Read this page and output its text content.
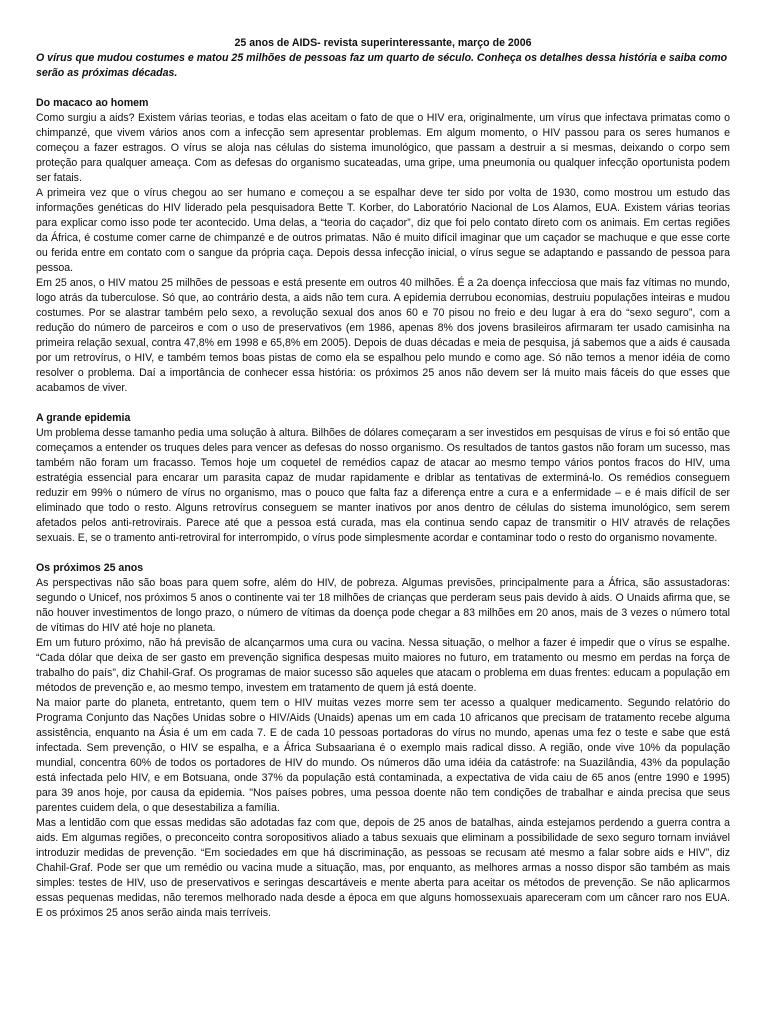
25 anos de AIDS- revista superinteressante, março de 2006

O vírus que mudou costumes e matou 25 milhões de pessoas faz um quarto de século. Conheça os detalhes dessa história e saiba como serão as próximas décadas.

Do macaco ao homem

Como surgiu a aids? Existem várias teorias, e todas elas aceitam o fato de que o HIV era, originalmente, um vírus que infectava primatas como o chimpanzé, que vivem vários anos com a infecção sem apresentar problemas. Em algum momento, o HIV passou para os seres humanos e começou a fazer estragos. O vírus se aloja nas células do sistema imunológico, que passam a destruir a si mesmas, deixando o corpo sem proteção para qualquer ameaça. Com as defesas do organismo sucateadas, uma gripe, uma pneumonia ou qualquer infecção oportunista podem ser fatais.

A primeira vez que o vírus chegou ao ser humano e começou a se espalhar deve ter sido por volta de 1930, como mostrou um estudo das informações genéticas do HIV liderado pela pesquisadora Bette T. Korber, do Laboratório Nacional de Los Alamos, EUA. Existem várias teorias para explicar como isso pode ter acontecido. Uma delas, a “teoria do caçador”, diz que foi pelo contato direto com os animais. Em certas regiões da África, é costume comer carne de chimpanzé e de outros primatas. Não é muito difícil imaginar que um caçador se machuque e que esse corte ou ferida entre em contato com o sangue da própria caça. Depois dessa infecção inicial, o vírus segue se adaptando e passando de pessoa para pessoa.

Em 25 anos, o HIV matou 25 milhões de pessoas e está presente em outros 40 milhões. É a 2a doença infecciosa que mais faz vítimas no mundo, logo atrás da tuberculose. Só que, ao contrário desta, a aids não tem cura. A epidemia derrubou economias, destruiu populações inteiras e mudou costumes. Por se alastrar também pelo sexo, a revolução sexual dos anos 60 e 70 pisou no freio e deu lugar à era do “sexo seguro”, com a redução do número de parceiros e com o uso de preservativos (em 1986, apenas 8% dos jovens brasileiros afirmaram ter usado camisinha na primeira relação sexual, contra 47,8% em 1998 e 65,8% em 2005). Depois de duas décadas e meia de pesquisa, já sabemos que a aids é causada por um retrovírus, o HIV, e também temos boas pistas de como ela se espalhou pelo mundo e como age. Só não temos a menor idéia de como resolver o problema. Daí a importância de conhecer essa história: os próximos 25 anos não devem ser lá muito mais fáceis do que esses que acabamos de viver.

A grande epidemia

Um problema desse tamanho pedia uma solução à altura. Bilhões de dólares começaram a ser investidos em pesquisas de vírus e foi só então que começamos a entender os truques deles para vencer as defesas do nosso organismo. Os resultados de tantos gastos não foram um sucesso, mas também não foram um fracasso. Temos hoje um coquetel de remédios capaz de atacar ao mesmo tempo vários pontos fracos do HIV, uma estratégia essencial para encarar um parasita capaz de mudar rapidamente e driblar as tentativas de exterminá-lo. Os remédios conseguem reduzir em 99% o número de vírus no organismo, mas o pouco que falta faz a diferença entre a cura e a enfermidade – e é mais difícil de ser eliminado que todo o resto. Alguns retrovírus conseguem se manter inativos por anos dentro de células do sistema imunológico, sem serem afetados pelos anti-retrovirais. Parece até que a pessoa está curada, mas ela continua sendo capaz de transmitir o HIV através de relações sexuais. E, se o tramento anti-retroviral for interrompido, o vírus pode simplesmente acordar e contaminar todo o resto do organismo novamente.

Os próximos 25 anos

As perspectivas não são boas para quem sofre, além do HIV, de pobreza. Algumas previsões, principalmente para a África, são assustadoras: segundo o Unicef, nos próximos 5 anos o continente vai ter 18 milhões de crianças que perderam seus pais devido à aids. O Unaids afirma que, se não houver investimentos de longo prazo, o número de vítimas da doença pode chegar a 83 milhões em 20 anos, mais de 3 vezes o número total de vítimas do HIV até hoje no planeta.

Em um futuro próximo, não há previsão de alcançarmos uma cura ou vacina. Nessa situação, o melhor a fazer é impedir que o vírus se espalhe. “Cada dólar que deixa de ser gasto em prevenção significa despesas muito maiores no futuro, em tratamento ou mesmo em perdas na força de trabalho do país”, diz Chahil-Graf. Os programas de maior sucesso são aqueles que atacam o problema em duas frentes: educam a população em métodos de prevenção e, ao mesmo tempo, investem em tratamento de quem já está doente.

Na maior parte do planeta, entretanto, quem tem o HIV muitas vezes morre sem ter acesso a qualquer medicamento. Segundo relatório do Programa Conjunto das Nações Unidas sobre o HIV/Aids (Unaids) apenas um em cada 10 africanos que precisam de tratamento recebe alguma assistência, enquanto na Ásia é um em cada 7. E de cada 10 pessoas portadoras do vírus no mundo, apenas uma fez o teste e sabe que está infectada. Sem prevenção, o HIV se espalha, e a África Subsaariana é o exemplo mais radical disso. A região, onde vive 10% da população mundial, concentra 60% de todos os portadores de HIV do mundo. Os números dão uma idéia da catástrofe: na Suazilândia, 43% da população está infectada pelo HIV, e em Botsuana, onde 37% da população está contaminada, a expectativa de vida caiu de 65 anos (entre 1990 e 1995) para 39 anos hoje, por causa da epidemia. "Nos países pobres, uma pessoa doente não tem condições de trabalhar e ainda precisa que seus parentes cuidem dela, o que desestabiliza a família.

Mas a lentidão com que essas medidas são adotadas faz com que, depois de 25 anos de batalhas, ainda estejamos perdendo a guerra contra a aids. Em algumas regiões, o preconceito contra soropositivos aliado a tabus sexuais que eliminam a possibilidade de sexo seguro tornam inviável introduzir medidas de prevenção. “Em sociedades em que há discriminação, as pessoas se recusam até mesmo a falar sobre aids e HIV”, diz Chahil-Graf. Pode ser que um remédio ou vacina mude a situação, mas, por enquanto, as melhores armas a nosso dispor são também as mais simples: testes de HIV, uso de preservativos e seringas descartáveis e mente aberta para aceitar os métodos de prevenção. Se não aplicarmos essas pequenas medidas, não teremos melhorado nada desde a época em que alguns homossexuais apareceram com um câncer raro nos EUA. E os próximos 25 anos serão ainda mais terríveis.
